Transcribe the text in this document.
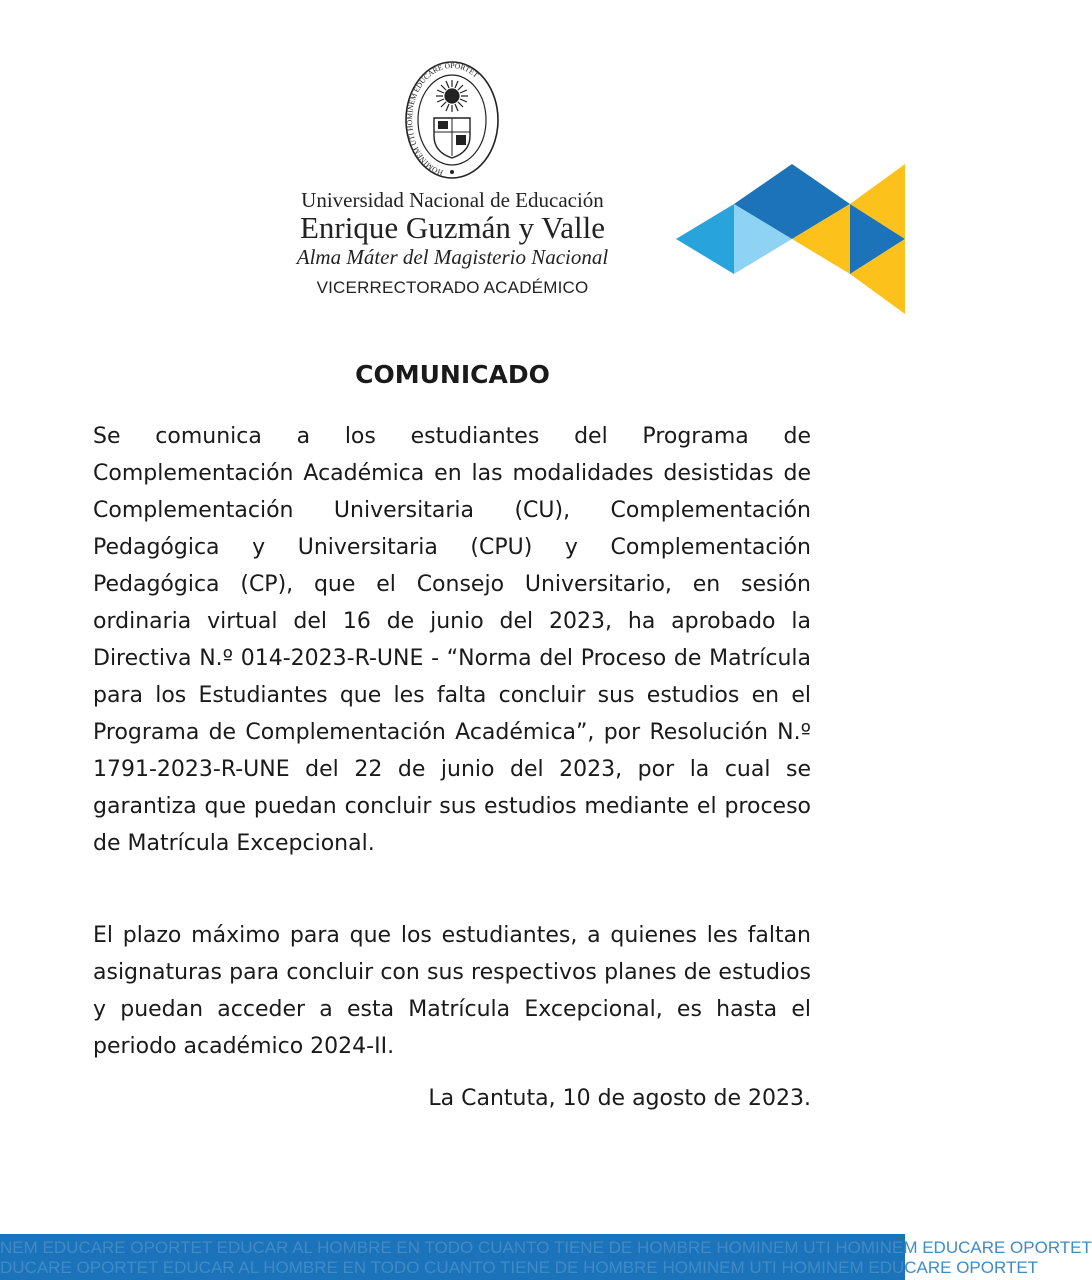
HOMINEM UTI HOMINEM EDUCARE OPORTET
Universidad Nacional de Educación
Enrique Guzmán y Valle
Alma Máter del Magisterio Nacional
VICERRECTORADO ACADÉMICO
COMUNICADO
Se comunica a los estudiantes del Programa de Complementación Académica en las modalidades desistidas de Complementación Universitaria (CU), Complementación Pedagógica y Universitaria (CPU) y Complementación Pedagógica (CP), que el Consejo Universitario, en sesión ordinaria virtual del 16 de junio del 2023, ha aprobado la Directiva N.º 014-2023-R-UNE - “Norma del Proceso de Matrícula para los Estudiantes que les falta concluir sus estudios en el Programa de Complementación Académica”, por Resolución N.º 1791-2023-R-UNE del 22 de junio del 2023, por la cual se garantiza que puedan concluir sus estudios mediante el proceso de Matrícula Excepcional.
El plazo máximo para que los estudiantes, a quienes les faltan asignaturas para concluir con sus respectivos planes de estudios y puedan acceder a esta Matrícula Excepcional, es hasta el periodo académico 2024-II.
La Cantuta, 10 de agosto de 2023.
NEM EDUCARE OPORTET EDUCAR AL HOMBRE EN TODO CUANTO TIENE DE HOMBRE HOMINEM UTI HOMINEM EDUCARE OPORTET
DUCARE OPORTET EDUCAR AL HOMBRE EN TODO CUANTO TIENE DE HOMBRE HOMINEM UTI HOMINEM EDUCARE OPORTET
